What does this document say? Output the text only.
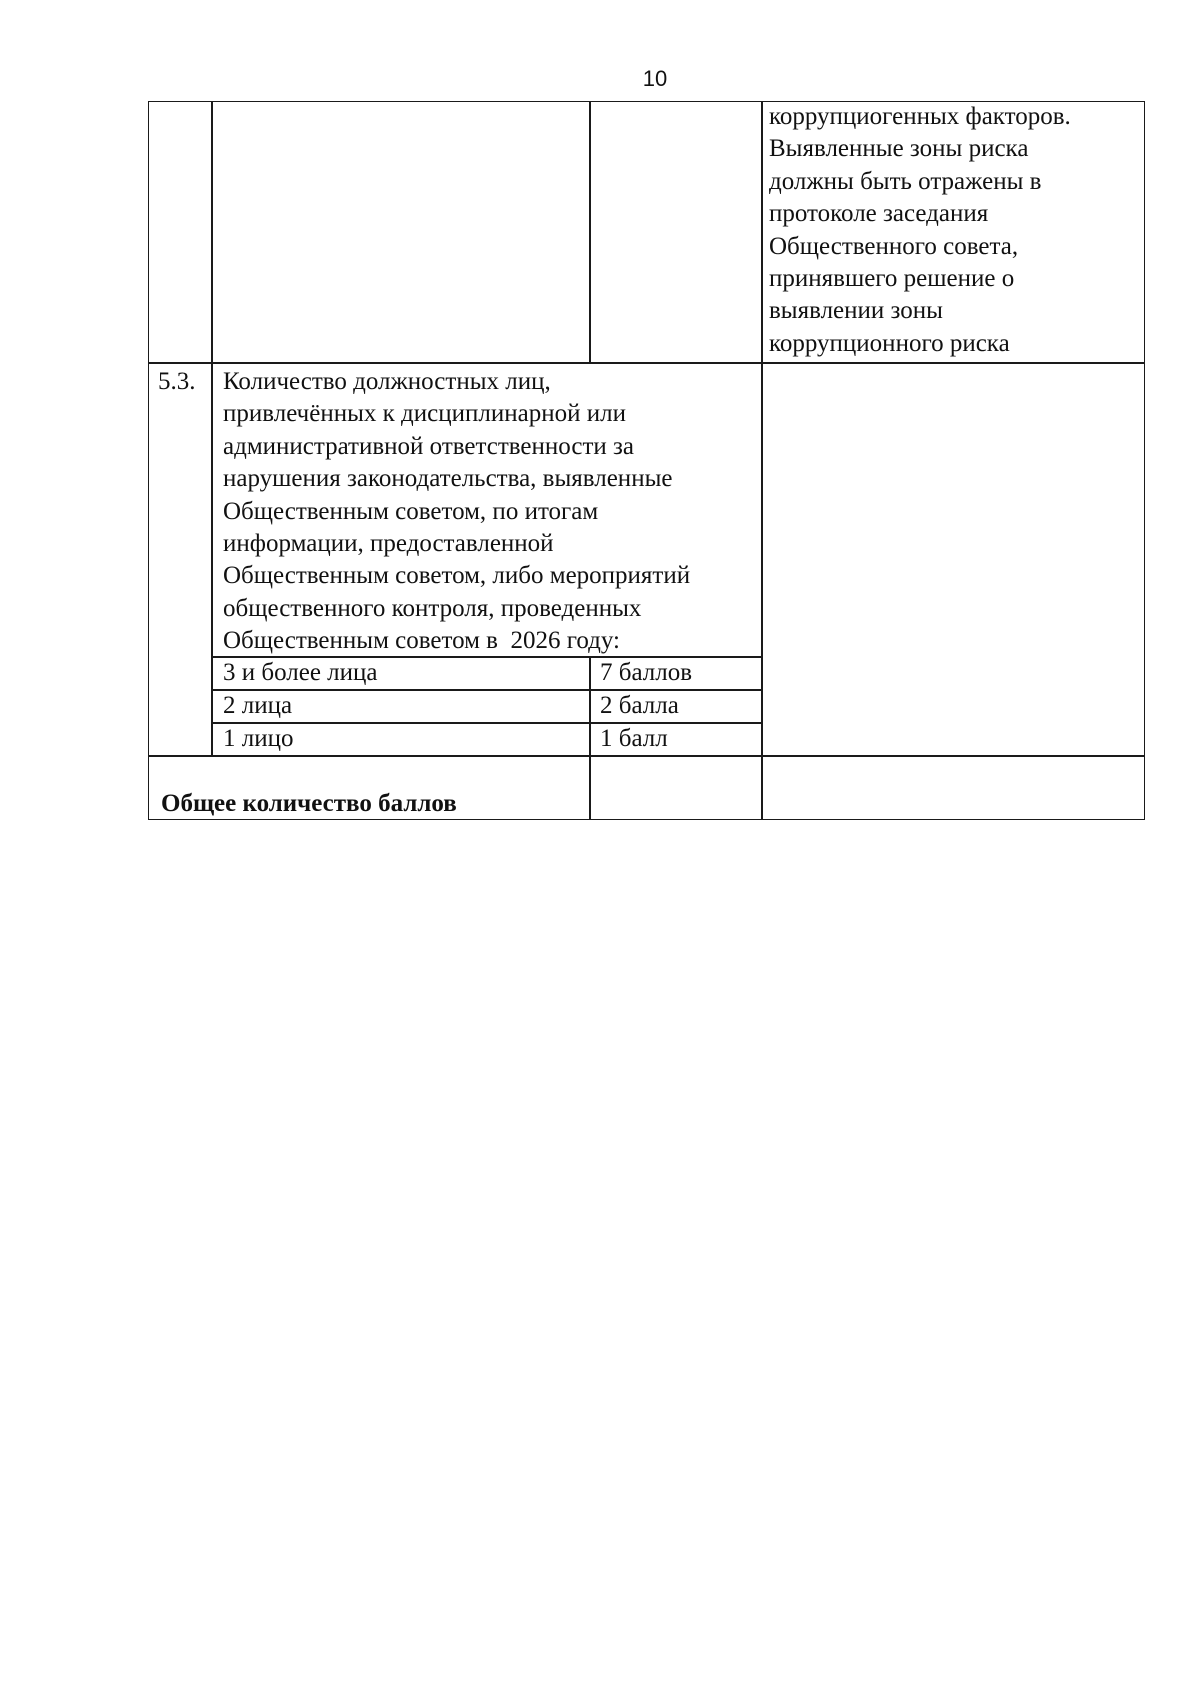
10
коррупциогенных факторов.
Выявленные зоны риска
должны быть отражены в
протоколе заседания
Общественного совета,
принявшего решение о
выявлении зоны
коррупционного риска
5.3. Количество должностных лиц,
привлечённых к дисциплинарной или
административной ответственности за
нарушения законодательства, выявленные
Общественным советом, по итогам
информации, предоставленной
Общественным советом, либо мероприятий
общественного контроля, проведенных
Общественным советом в  2026 году:
3 и более лица	7 баллов
2 лица	2 балла
1 лицо	1 балл
Общее количество баллов
